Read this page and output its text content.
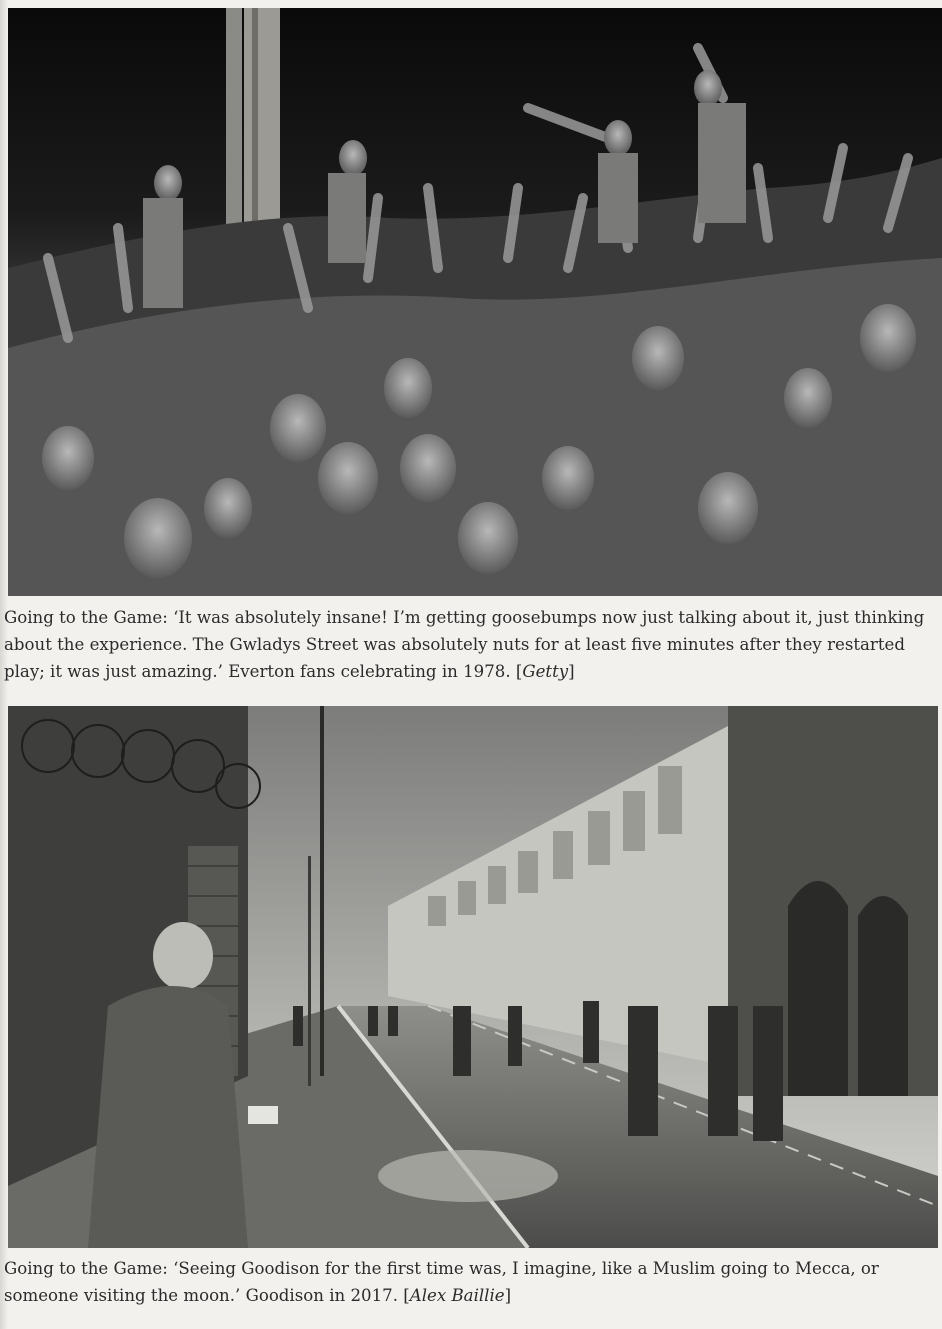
Going to the Game: ‘It was absolutely insane! I’m getting goosebumps now just talking about it, just thinking about the experience. The Gwladys Street was absolutely nuts for at least five minutes after they restarted play; it was just amazing.’ Everton fans celebrating in 1978. [Getty]
Going to the Game: ‘Seeing Goodison for the first time was, I imagine, like a Muslim going to Mecca, or someone visiting the moon.’ Goodison in 2017. [Alex Baillie]
